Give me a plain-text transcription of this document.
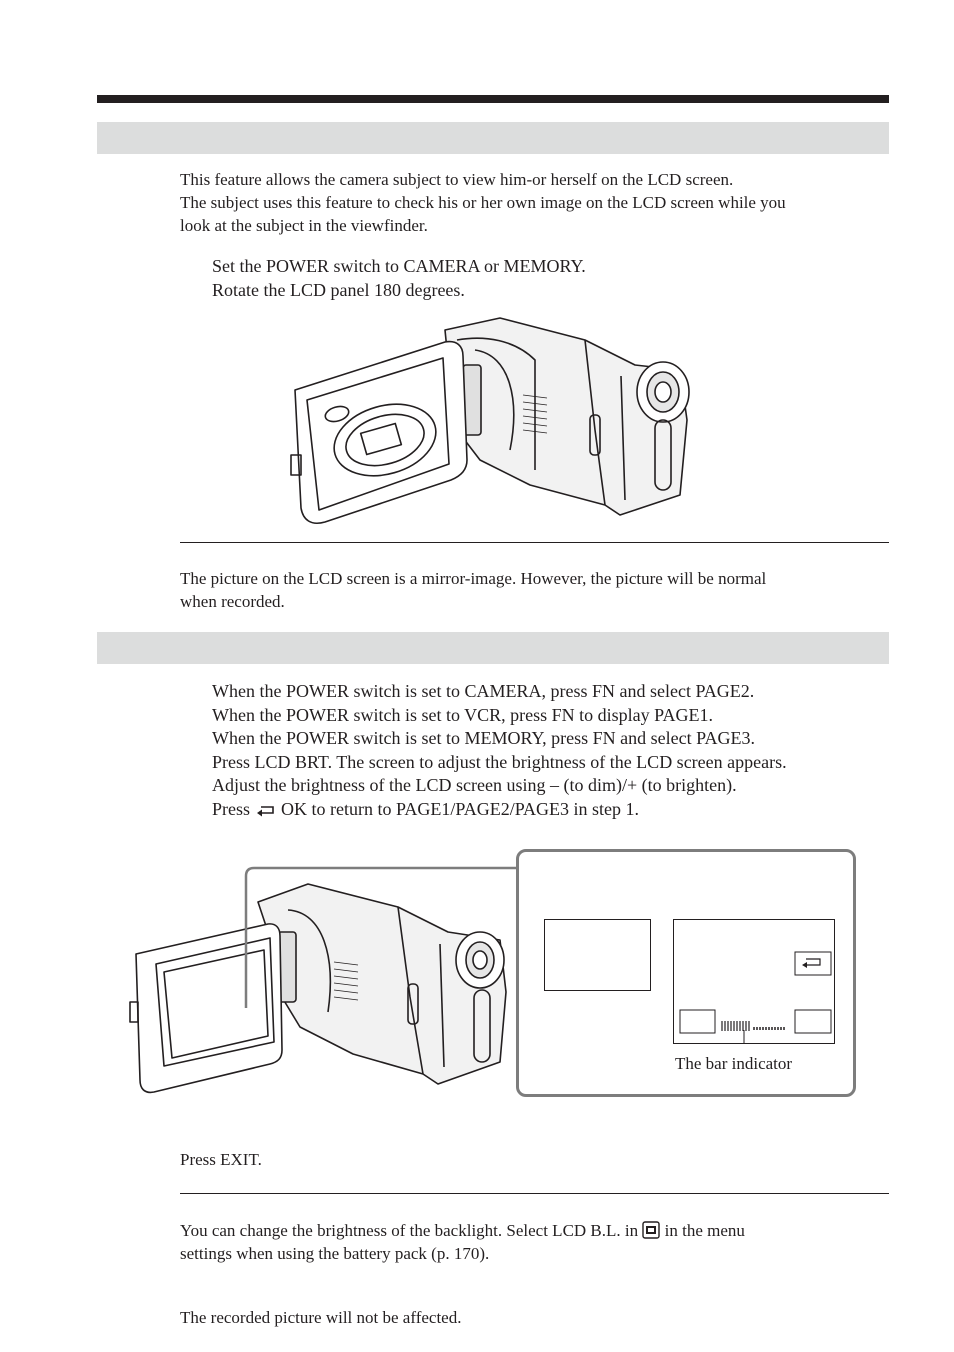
This feature allows the camera subject to view him-or herself on the LCD screen.
The subject uses this feature to check his or her own image on the LCD screen while you
look at the subject in the viewfinder.

Set the POWER switch to CAMERA or MEMORY.
Rotate the LCD panel 180 degrees.

The picture on the LCD screen is a mirror-image. However, the picture will be normal
when recorded.

When the POWER switch is set to CAMERA, press FN and select PAGE2.
When the POWER switch is set to VCR, press FN to display PAGE1.
When the POWER switch is set to MEMORY, press FN and select PAGE3.
Press LCD BRT. The screen to adjust the brightness of the LCD screen appears.
Adjust the brightness of the LCD screen using – (to dim)/+ (to brighten).
Press OK to return to PAGE1/PAGE2/PAGE3 in step 1.
The bar indicator
Press EXIT.

You can change the brightness of the backlight. Select LCD B.L. in in the menu
settings when using the battery pack (p. 170).

The recorded picture will not be affected.
